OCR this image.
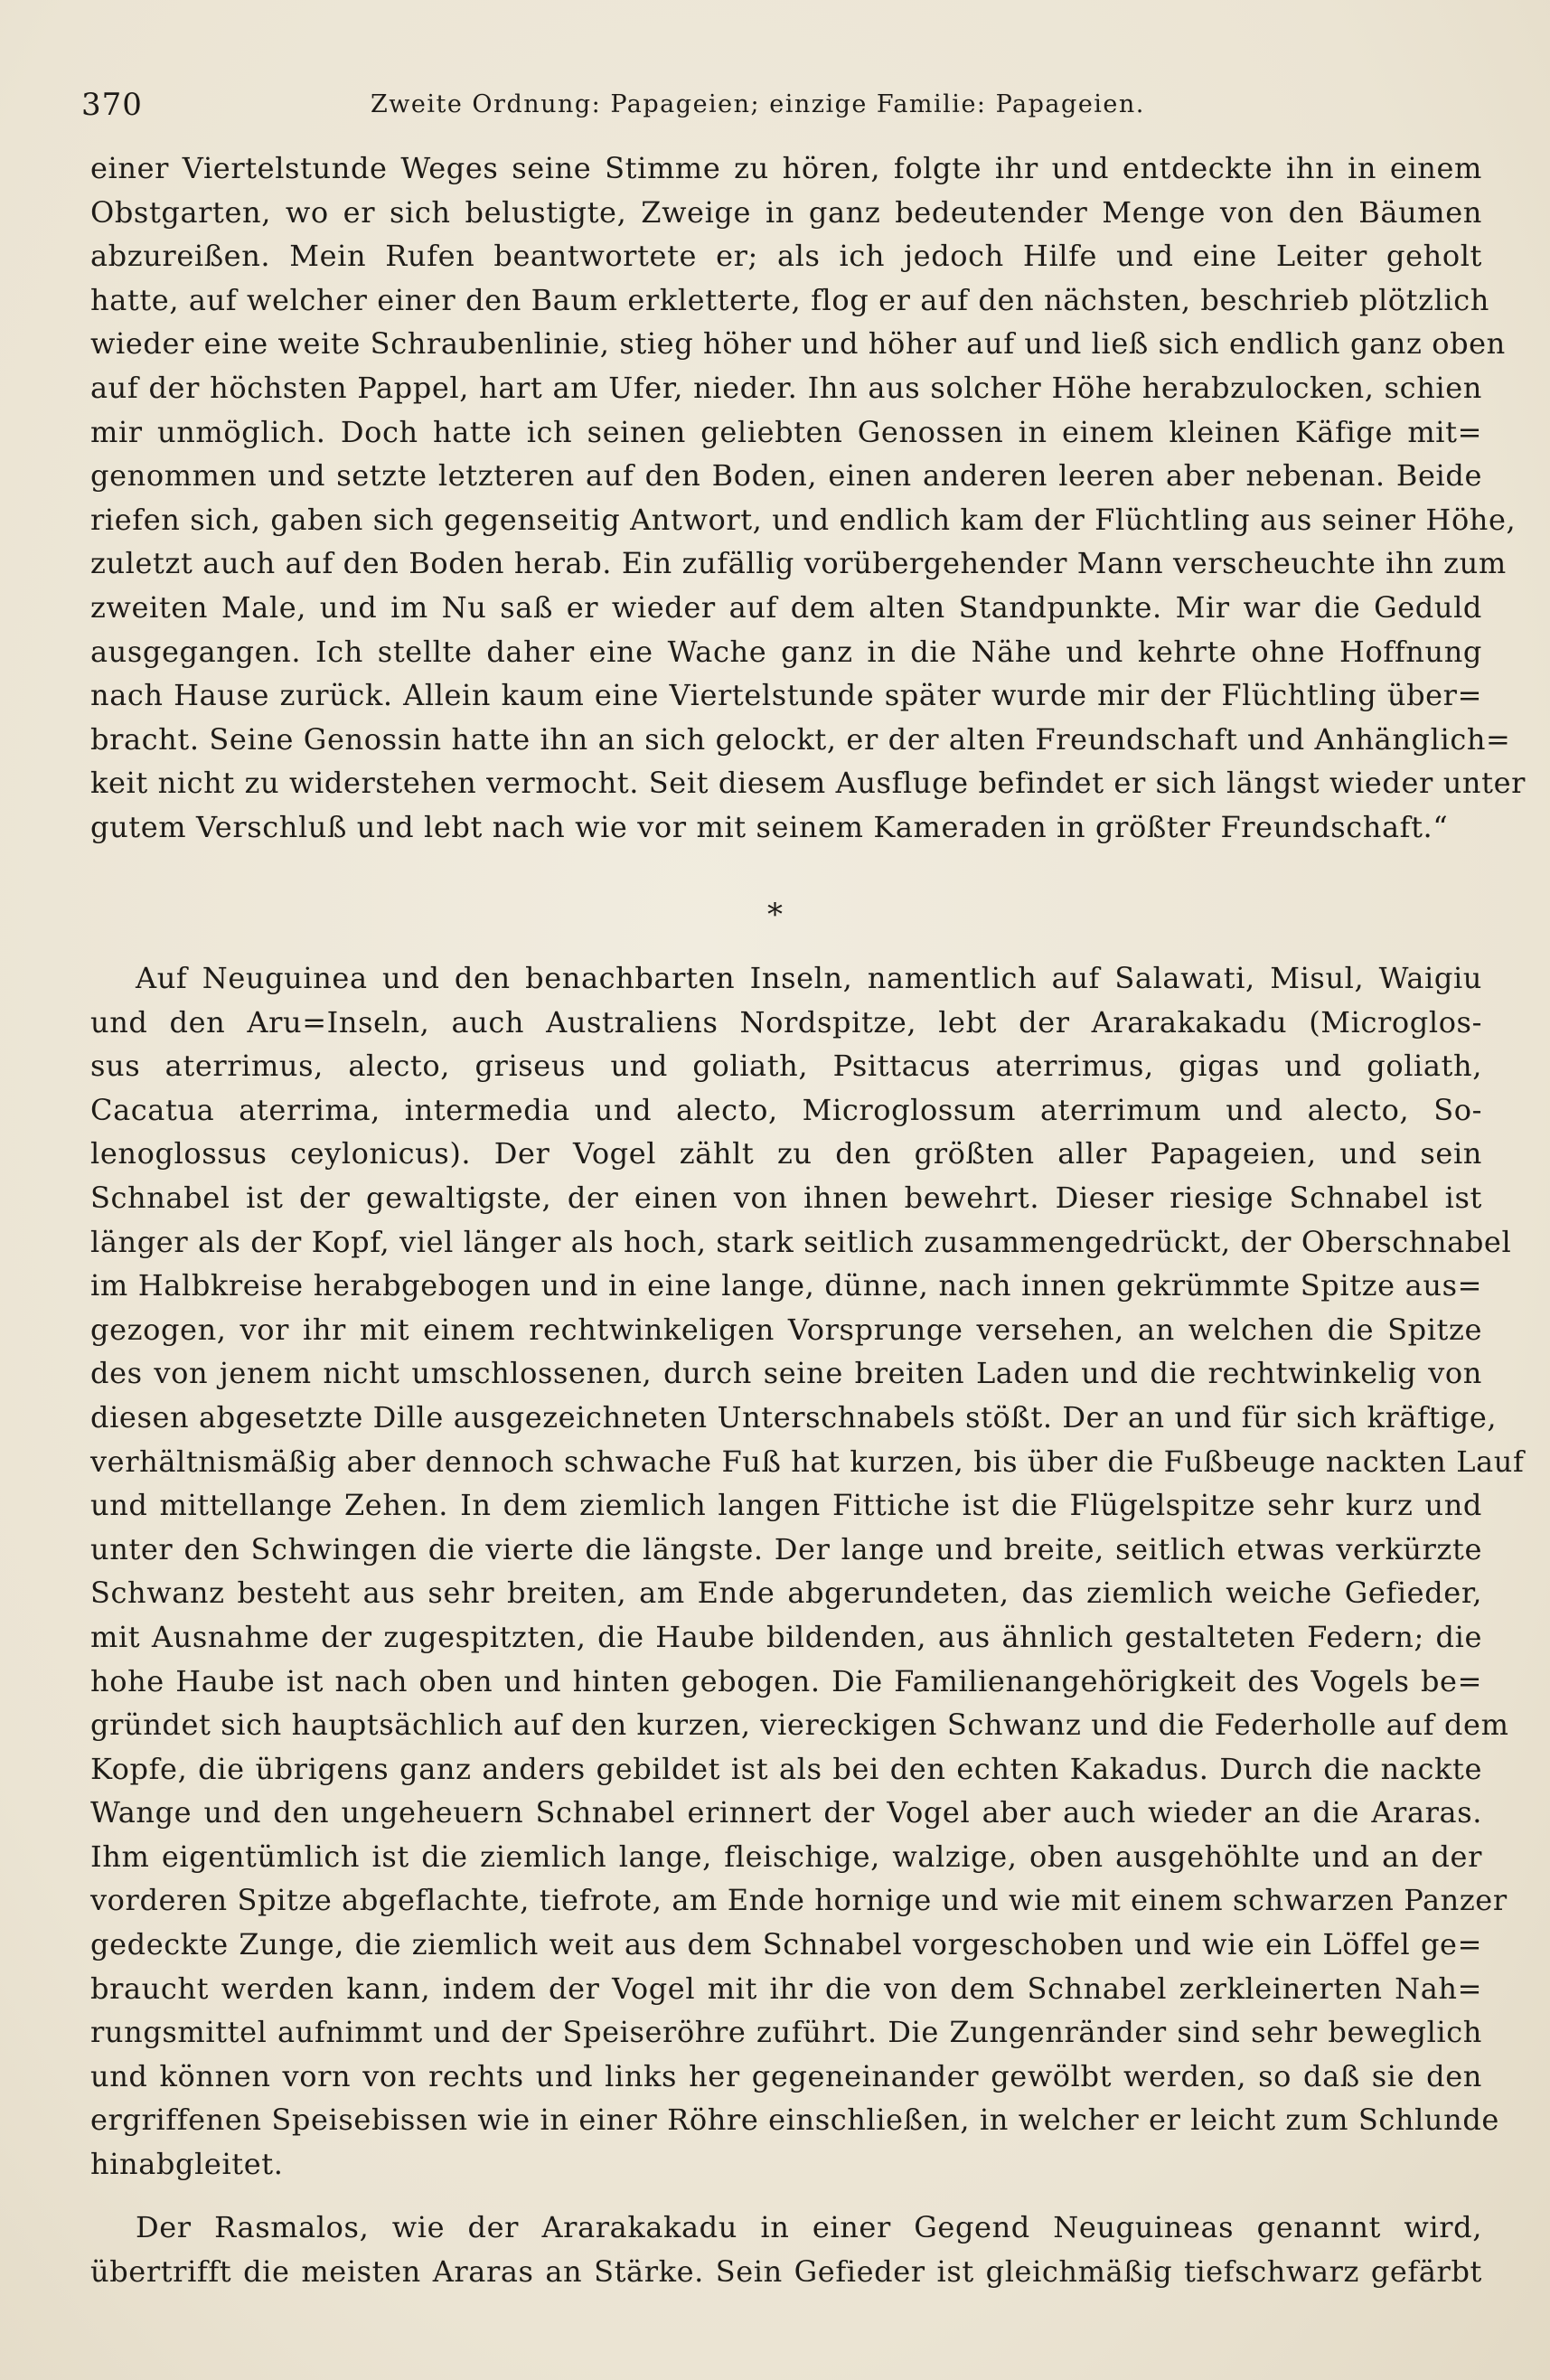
370	Zweite Ordnung: Papageien; einzige Familie: Papageien.
einer Viertelstunde Weges seine Stimme zu hören, folgte ihr und entdeckte ihn in einem
Obstgarten, wo er sich belustigte, Zweige in ganz bedeutender Menge von den Bäumen
abzureißen. Mein Rufen beantwortete er; als ich jedoch Hilfe und eine Leiter geholt
hatte, auf welcher einer den Baum erkletterte, flog er auf den nächsten, beschrieb plötzlich
wieder eine weite Schraubenlinie, stieg höher und höher auf und ließ sich endlich ganz oben
auf der höchsten Pappel, hart am Ufer, nieder. Ihn aus solcher Höhe herabzulocken, schien
mir unmöglich. Doch hatte ich seinen geliebten Genossen in einem kleinen Käfige mit=
genommen und setzte letzteren auf den Boden, einen anderen leeren aber nebenan. Beide
riefen sich, gaben sich gegenseitig Antwort, und endlich kam der Flüchtling aus seiner Höhe,
zuletzt auch auf den Boden herab. Ein zufällig vorübergehender Mann verscheuchte ihn zum
zweiten Male, und im Nu saß er wieder auf dem alten Standpunkte. Mir war die Geduld
ausgegangen. Ich stellte daher eine Wache ganz in die Nähe und kehrte ohne Hoffnung
nach Hause zurück. Allein kaum eine Viertelstunde später wurde mir der Flüchtling über=
bracht. Seine Genossin hatte ihn an sich gelockt, er der alten Freundschaft und Anhänglich=
keit nicht zu widerstehen vermocht. Seit diesem Ausfluge befindet er sich längst wieder unter
gutem Verschluß und lebt nach wie vor mit seinem Kameraden in größter Freundschaft.“
*
Auf Neuguinea und den benachbarten Inseln, namentlich auf Salawati, Misul, Waigiu
und den Aru=Inseln, auch Australiens Nordspitze, lebt der Ararakakadu (Microglos-
sus aterrimus, alecto, griseus und goliath, Psittacus aterrimus, gigas und goliath,
Cacatua aterrima, intermedia und alecto, Microglossum aterrimum und alecto, So-
lenoglossus ceylonicus). Der Vogel zählt zu den größten aller Papageien, und sein
Schnabel ist der gewaltigste, der einen von ihnen bewehrt. Dieser riesige Schnabel ist
länger als der Kopf, viel länger als hoch, stark seitlich zusammengedrückt, der Oberschnabel
im Halbkreise herabgebogen und in eine lange, dünne, nach innen gekrümmte Spitze aus=
gezogen, vor ihr mit einem rechtwinkeligen Vorsprunge versehen, an welchen die Spitze
des von jenem nicht umschlossenen, durch seine breiten Laden und die rechtwinkelig von
diesen abgesetzte Dille ausgezeichneten Unterschnabels stößt. Der an und für sich kräftige,
verhältnismäßig aber dennoch schwache Fuß hat kurzen, bis über die Fußbeuge nackten Lauf
und mittellange Zehen. In dem ziemlich langen Fittiche ist die Flügelspitze sehr kurz und
unter den Schwingen die vierte die längste. Der lange und breite, seitlich etwas verkürzte
Schwanz besteht aus sehr breiten, am Ende abgerundeten, das ziemlich weiche Gefieder,
mit Ausnahme der zugespitzten, die Haube bildenden, aus ähnlich gestalteten Federn; die
hohe Haube ist nach oben und hinten gebogen. Die Familienangehörigkeit des Vogels be=
gründet sich hauptsächlich auf den kurzen, viereckigen Schwanz und die Federholle auf dem
Kopfe, die übrigens ganz anders gebildet ist als bei den echten Kakadus. Durch die nackte
Wange und den ungeheuern Schnabel erinnert der Vogel aber auch wieder an die Araras.
Ihm eigentümlich ist die ziemlich lange, fleischige, walzige, oben ausgehöhlte und an der
vorderen Spitze abgeflachte, tiefrote, am Ende hornige und wie mit einem schwarzen Panzer
gedeckte Zunge, die ziemlich weit aus dem Schnabel vorgeschoben und wie ein Löffel ge=
braucht werden kann, indem der Vogel mit ihr die von dem Schnabel zerkleinerten Nah=
rungsmittel aufnimmt und der Speiseröhre zuführt. Die Zungenränder sind sehr beweglich
und können vorn von rechts und links her gegeneinander gewölbt werden, so daß sie den
ergriffenen Speisebissen wie in einer Röhre einschließen, in welcher er leicht zum Schlunde
hinabgleitet.
Der Rasmalos, wie der Ararakakadu in einer Gegend Neuguineas genannt wird,
übertrifft die meisten Araras an Stärke. Sein Gefieder ist gleichmäßig tiefschwarz gefärbt
